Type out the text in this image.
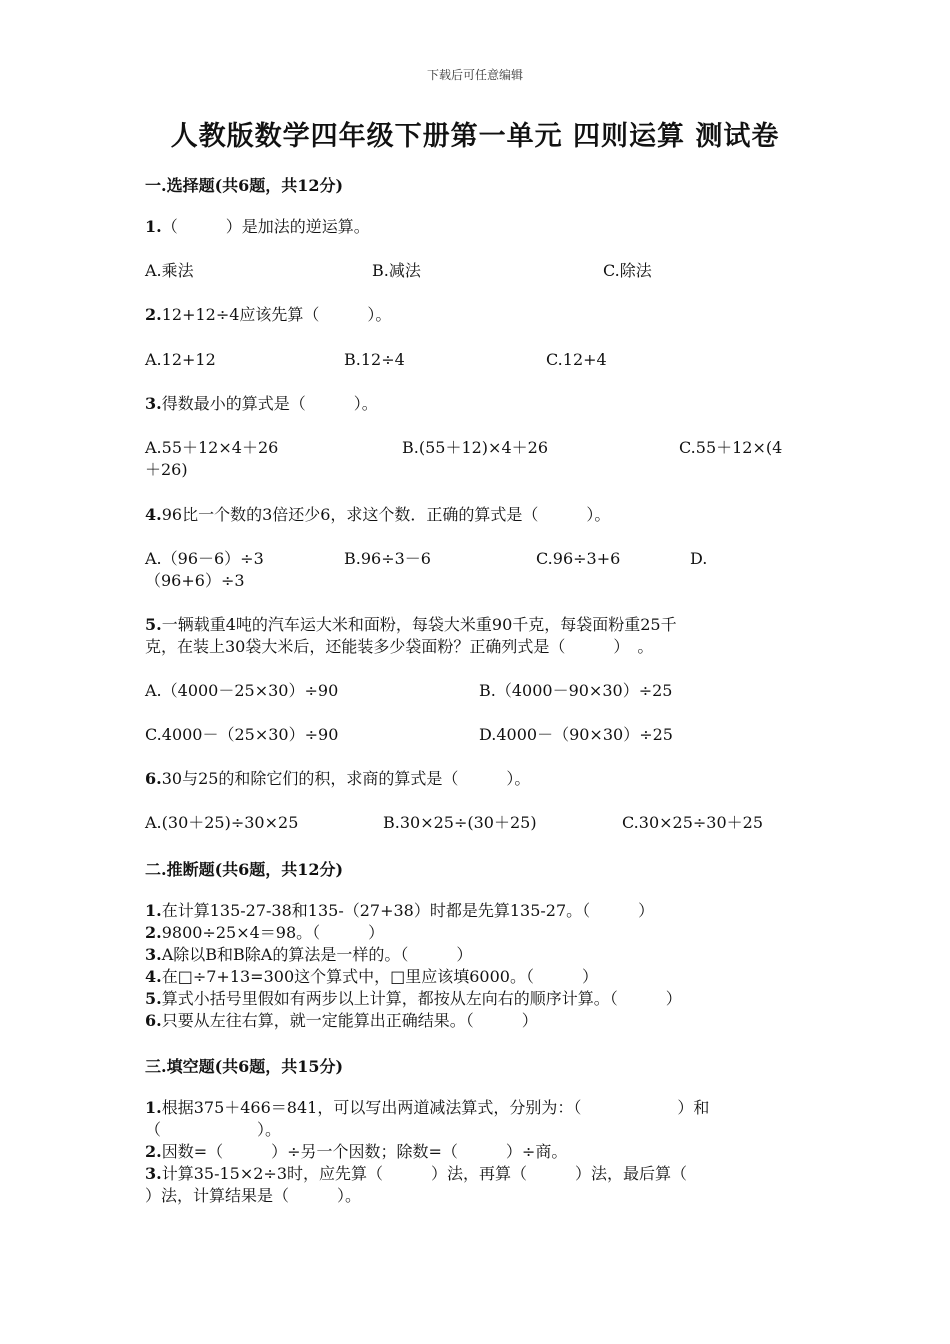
下载后可任意编辑
人教版数学四年级下册第一单元 四则运算 测试卷
一.选择题(共6题，共12分)
1.（　　　）是加法的逆运算。
A.乘法	B.减法	C.除法
2.12+12÷4应该先算（　　　）。
A.12+12	B.12÷4	C.12+4
3.得数最小的算式是（　　　）。
A.55＋12×4＋26	B.(55＋12)×4＋26	C.55＋12×(4
＋26)
4.96比一个数的3倍还少6，求这个数．正确的算式是（　　　）。
A.（96－6）÷3	B.96÷3－6	C.96÷3+6	D.
（96+6）÷3
5.一辆载重4吨的汽车运大米和面粉，每袋大米重90千克，每袋面粉重25千
克，在装上30袋大米后，还能装多少袋面粉？正确列式是（　　　）　。
A.（4000－25×30）÷90	B.（4000－90×30）÷25
C.4000－（25×30）÷90	D.4000－（90×30）÷25
6.30与25的和除它们的积，求商的算式是（　　　）。
A.(30＋25)÷30×25	B.30×25÷(30＋25)	C.30×25÷30＋25
二.推断题(共6题，共12分)
1.在计算135-27-38和135-（27+38）时都是先算135-27。（　　　）
2.9800÷25×4＝98。（　　　）
3.A除以B和B除A的算法是一样的。（　　　）
4.在□÷7+13=300这个算式中，□里应该填6000。（　　　）
5.算式小括号里假如有两步以上计算，都按从左向右的顺序计算。（　　　）
6.只要从左往右算，就一定能算出正确结果。（　　　）
三.填空题(共6题，共15分)
1.根据375＋466＝841，可以写出两道减法算式，分别为：（　　　　　　）和
（　　　　　　）。
2.因数=（　　　）÷另一个因数；除数=（　　　）÷商。
3.计算35-15×2÷3时，应先算（　　　）法，再算（　　　）法，最后算（
）法，计算结果是（　　　）。
